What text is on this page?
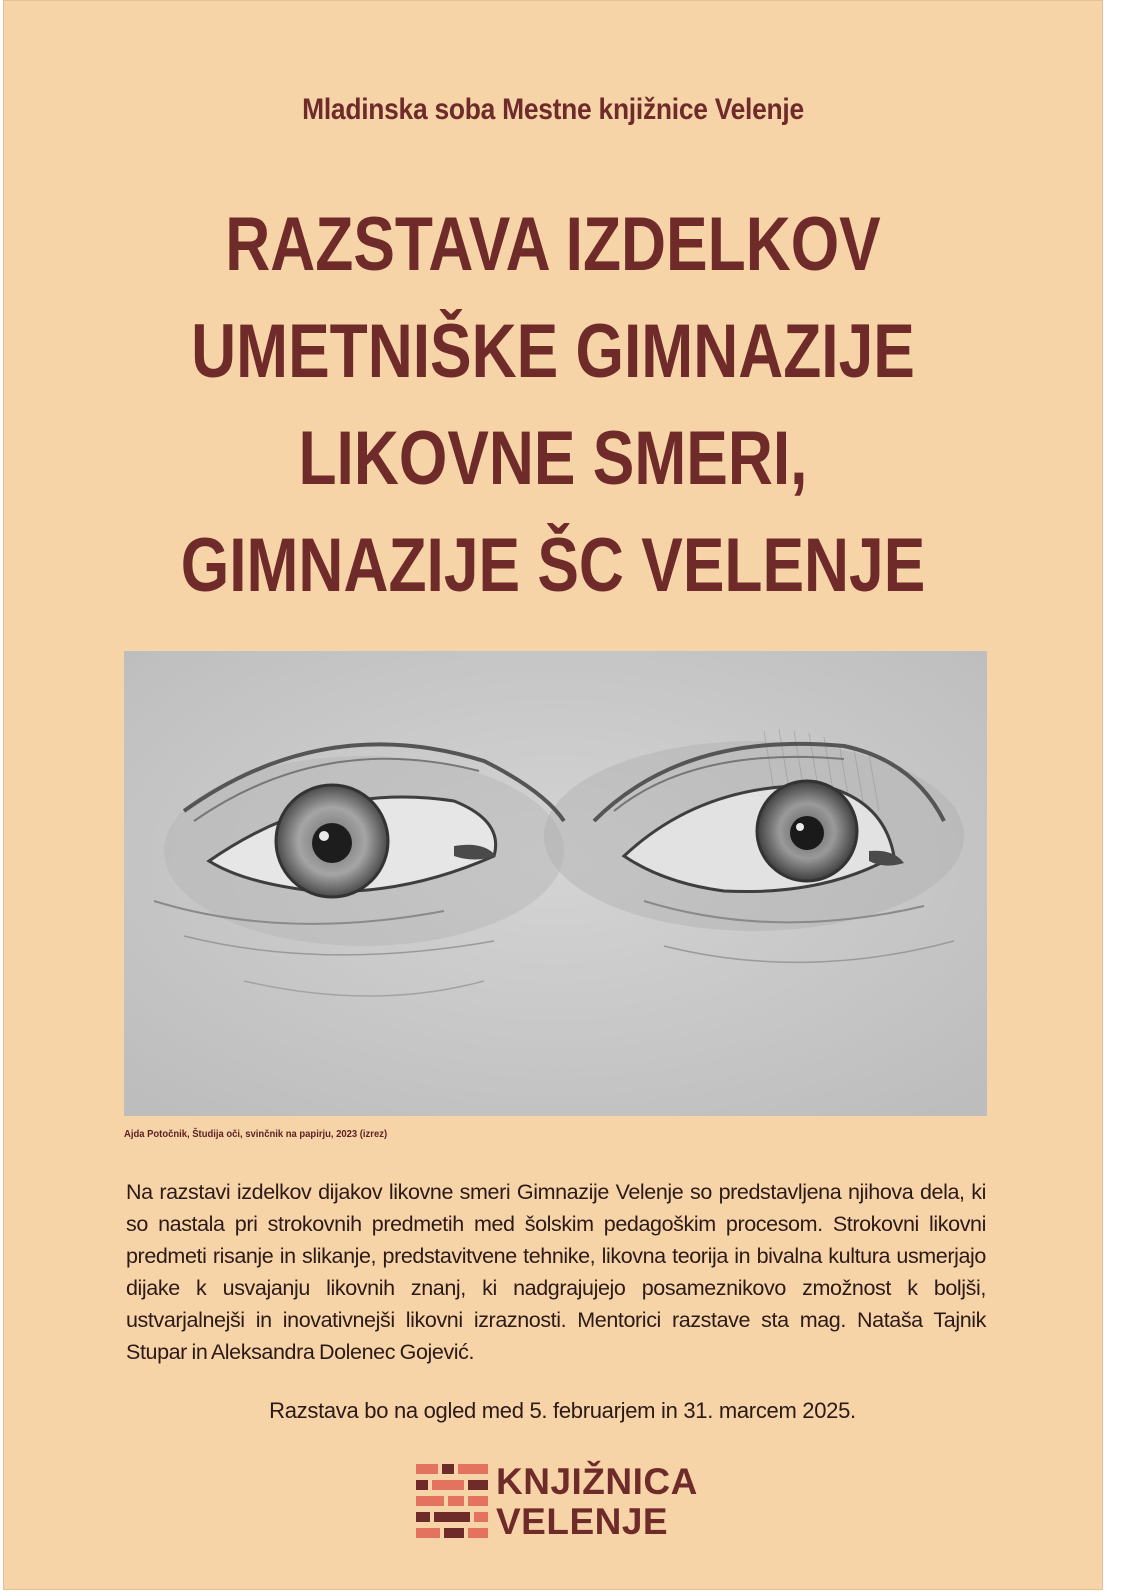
Mladinska soba Mestne knjižnice Velenje
RAZSTAVA IZDELKOV
UMETNIŠKE GIMNAZIJE
LIKOVNE SMERI,
GIMNAZIJE ŠC VELENJE
Ajda Potočnik, Študija oči, svinčnik na papirju, 2023 (izrez)
Na razstavi izdelkov dijakov likovne smeri Gimnazije Velenje so predstavljena njihova dela, ki so nastala pri strokovnih predmetih med šolskim pedagoškim procesom. Strokovni likovni predmeti risanje in slikanje, predstavitvene tehnike, likovna teorija in bivalna kultura usmerjajo dijake k usvajanju likovnih znanj, ki nadgrajujejo posameznikovo zmožnost k boljši, ustvarjalnejši in inovativnejši likovni izraznosti. Mentorici razstave sta mag. Nataša Tajnik Stupar in Aleksandra Dolenec Gojević.
Razstava bo na ogled med 5. februarjem in 31. marcem 2025.
KNJIŽNICA
VELENJE
